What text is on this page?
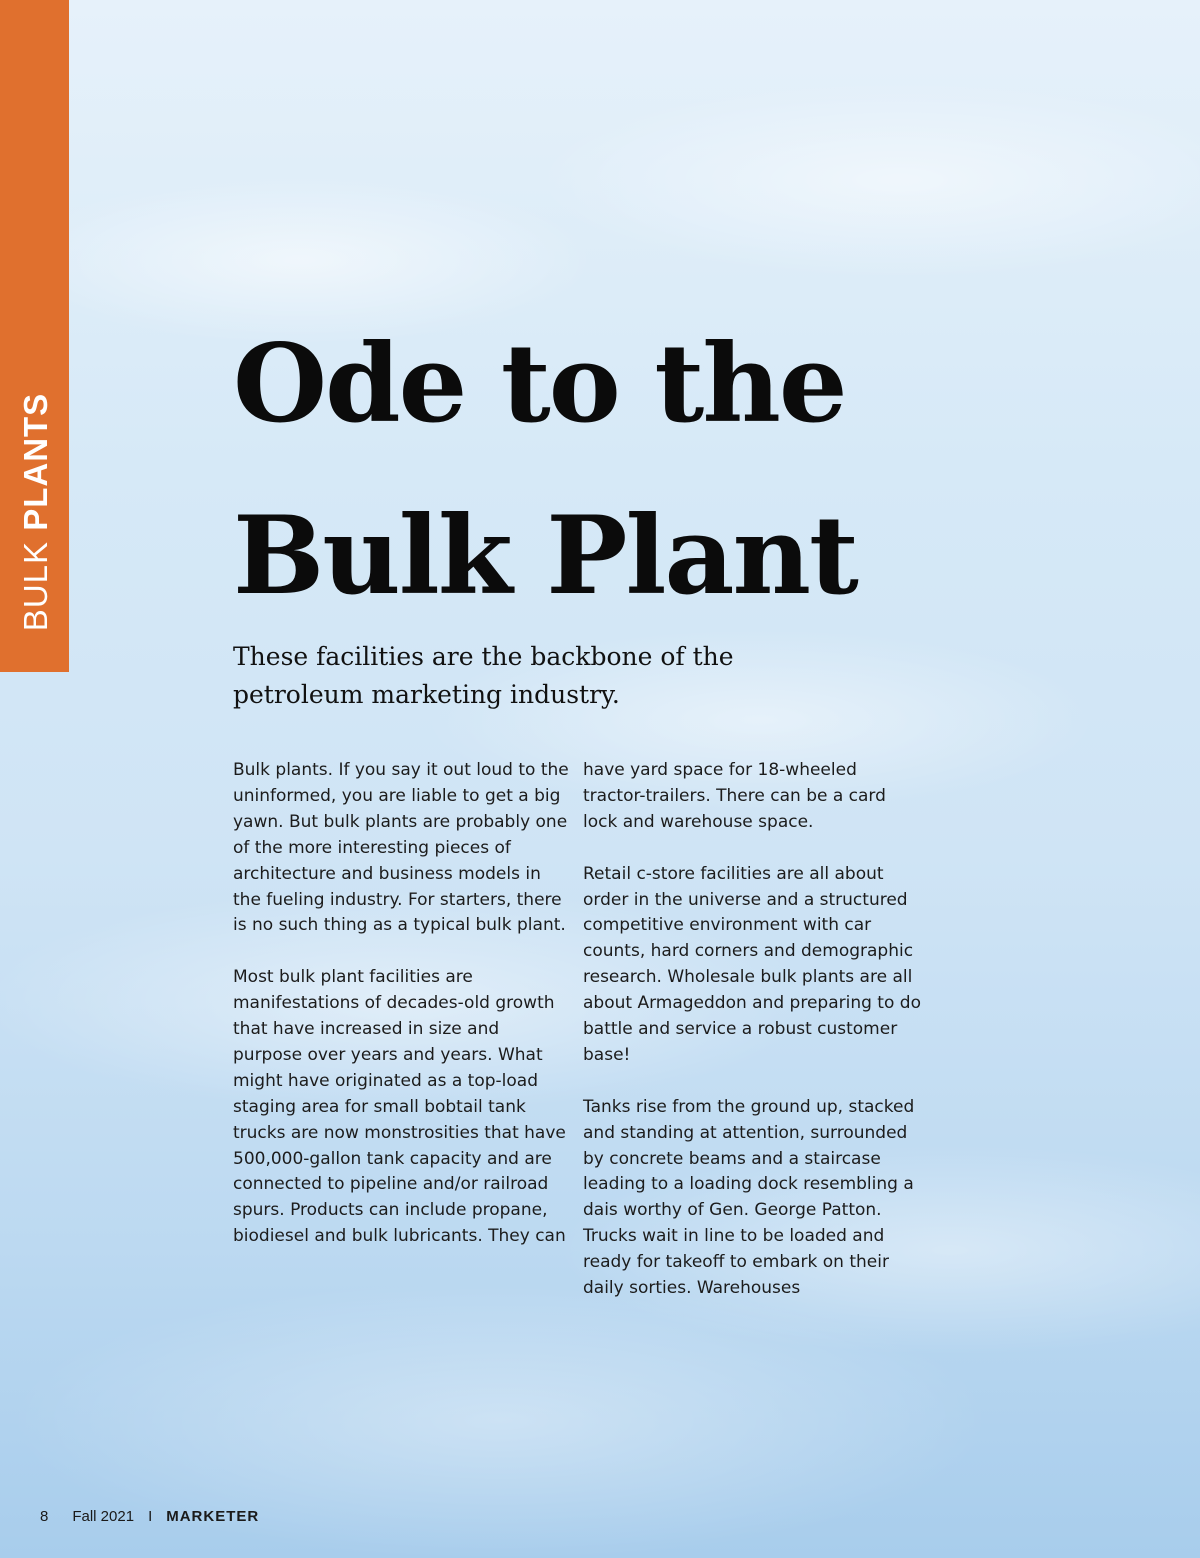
BULK PLANTS
Ode to the
Bulk Plant

These facilities are the backbone of the petroleum marketing industry.

Bulk plants. If you say it out loud to the uninformed, you are liable to get a big yawn. But bulk plants are probably one of the more interesting pieces of architecture and business models in the fueling industry. For starters, there is no such thing as a typical bulk plant.

Most bulk plant facilities are manifestations of decades-old growth that have increased in size and purpose over years and years. What might have originated as a top-load staging area for small bobtail tank trucks are now monstrosities that have 500,000-gallon tank capacity and are connected to pipeline and/or railroad spurs. Products can include propane, biodiesel and bulk lubricants. They can

have yard space for 18-wheeled tractor-trailers. There can be a card lock and warehouse space.

Retail c-store facilities are all about order in the universe and a structured competitive environment with car counts, hard corners and demographic research. Wholesale bulk plants are all about Armageddon and preparing to do battle and service a robust customer base!

Tanks rise from the ground up, stacked and standing at attention, surrounded by concrete beams and a staircase leading to a loading dock resembling a dais worthy of Gen. George Patton. Trucks wait in line to be loaded and ready for takeoff to embark on their daily sorties. Warehouses

8 Fall 2021 I MARKETER
